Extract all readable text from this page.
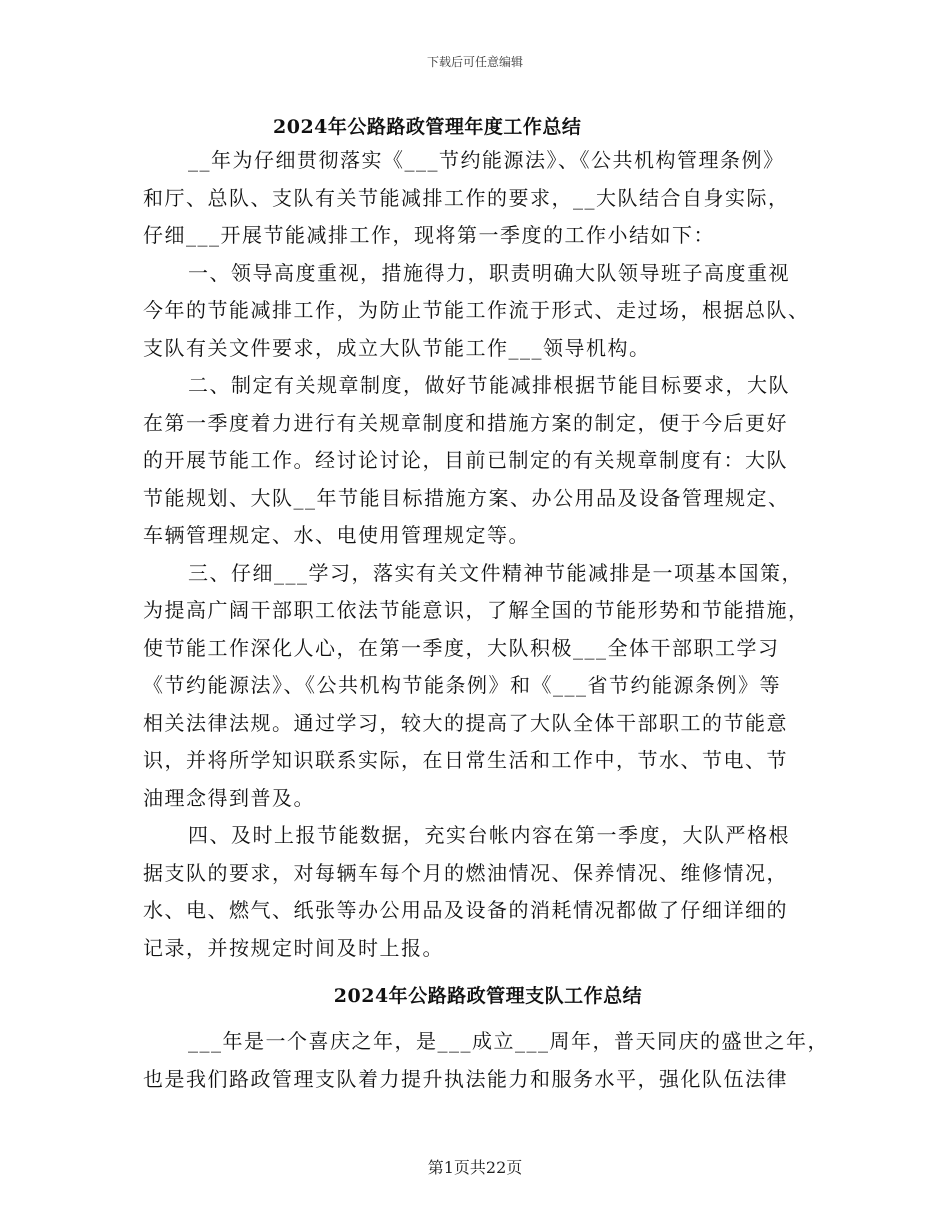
下载后可任意编辑
2024年公路路政管理年度工作总结
__年为仔细贯彻落实《___节约能源法》、《公共机构管理条例》
和厅、总队、支队有关节能减排工作的要求，__大队结合自身实际，
仔细___开展节能减排工作，现将第一季度的工作小结如下：
一、领导高度重视，措施得力，职责明确大队领导班子高度重视
今年的节能减排工作，为防止节能工作流于形式、走过场，根据总队、
支队有关文件要求，成立大队节能工作___领导机构。
二、制定有关规章制度，做好节能减排根据节能目标要求，大队
在第一季度着力进行有关规章制度和措施方案的制定，便于今后更好
的开展节能工作。经讨论讨论，目前已制定的有关规章制度有：大队
节能规划、大队__年节能目标措施方案、办公用品及设备管理规定、
车辆管理规定、水、电使用管理规定等。
三、仔细___学习，落实有关文件精神节能减排是一项基本国策，
为提高广阔干部职工依法节能意识，了解全国的节能形势和节能措施，
使节能工作深化人心，在第一季度，大队积极___全体干部职工学习
《节约能源法》、《公共机构节能条例》和《___省节约能源条例》等
相关法律法规。通过学习，较大的提高了大队全体干部职工的节能意
识，并将所学知识联系实际，在日常生活和工作中，节水、节电、节
油理念得到普及。
四、及时上报节能数据，充实台帐内容在第一季度，大队严格根
据支队的要求，对每辆车每个月的燃油情况、保养情况、维修情况，
水、电、燃气、纸张等办公用品及设备的消耗情况都做了仔细详细的
记录，并按规定时间及时上报。
2024年公路路政管理支队工作总结
___年是一个喜庆之年，是___成立___周年，普天同庆的盛世之年，
也是我们路政管理支队着力提升执法能力和服务水平，强化队伍法律
第1页共22页
